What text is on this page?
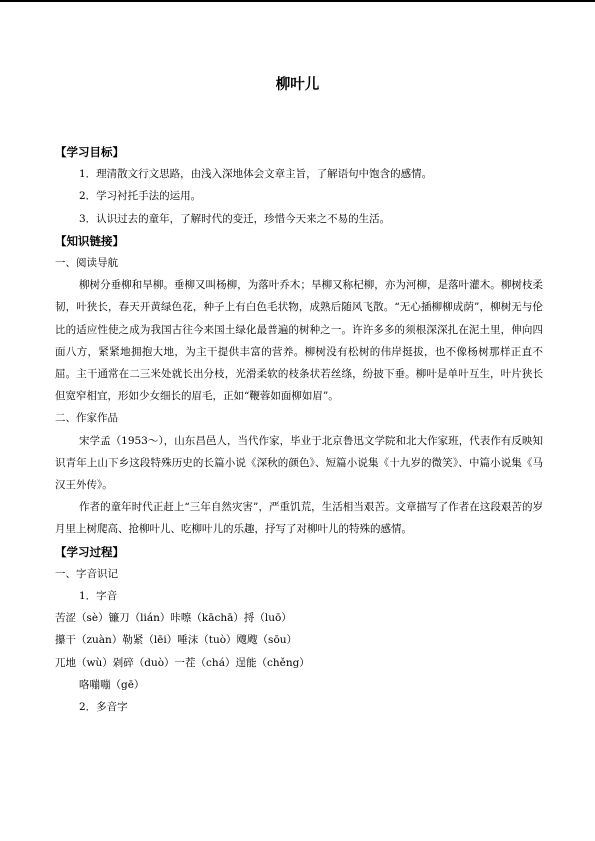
柳叶儿

【学习目标】

1．理清散文行文思路，由浅入深地体会文章主旨，了解语句中饱含的感情。

2．学习衬托手法的运用。

3．认识过去的童年，了解时代的变迁，珍惜今天来之不易的生活。

【知识链接】

一、阅读导航

柳树分垂柳和旱柳。垂柳又叫杨柳，为落叶乔木；旱柳又称杞柳，亦为河柳，是落叶灌木。柳树枝柔韧，叶狭长，春天开黄绿色花，种子上有白色毛状物，成熟后随风飞散。“无心插柳柳成荫”，柳树无与伦比的适应性使之成为我国古往今来国土绿化最普遍的树种之一。许许多多的须根深深扎在泥土里，伸向四面八方，紧紧地拥抱大地，为主干提供丰富的营养。柳树没有松树的伟岸挺拔，也不像杨树那样正直不屈。主干通常在二三米处就长出分枝，光滑柔软的枝条状若丝绦，纷披下垂。柳叶是单叶互生，叶片狭长但宽窄相宜，形如少女细长的眉毛，正如“鞭蓉如面柳如眉”。

二、作家作品

宋学孟（1953～），山东昌邑人，当代作家，毕业于北京鲁迅文学院和北大作家班，代表作有反映知识青年上山下乡这段特殊历史的长篇小说《深秋的颜色》、短篇小说集《十九岁的微笑》、中篇小说集《马汉王外传》。

作者的童年时代正赶上“三年自然灾害”，严重饥荒，生活相当艰苦。文章描写了作者在这段艰苦的岁月里上树爬高、抢柳叶儿、吃柳叶儿的乐趣，抒写了对柳叶儿的特殊的感情。

【学习过程】

一、字音识记

1．字音

苦涩（sè）镰刀（lián）咔嚓（kāchā）捋（luō）

攥干（zuàn）勒紧（lēi）唾沫（tuò）飕飕（sōu）

兀地（wù）剁碎（duò）一茬（chá）逞能（chěng）

咯嘣嘣（gē）

2．多音字
